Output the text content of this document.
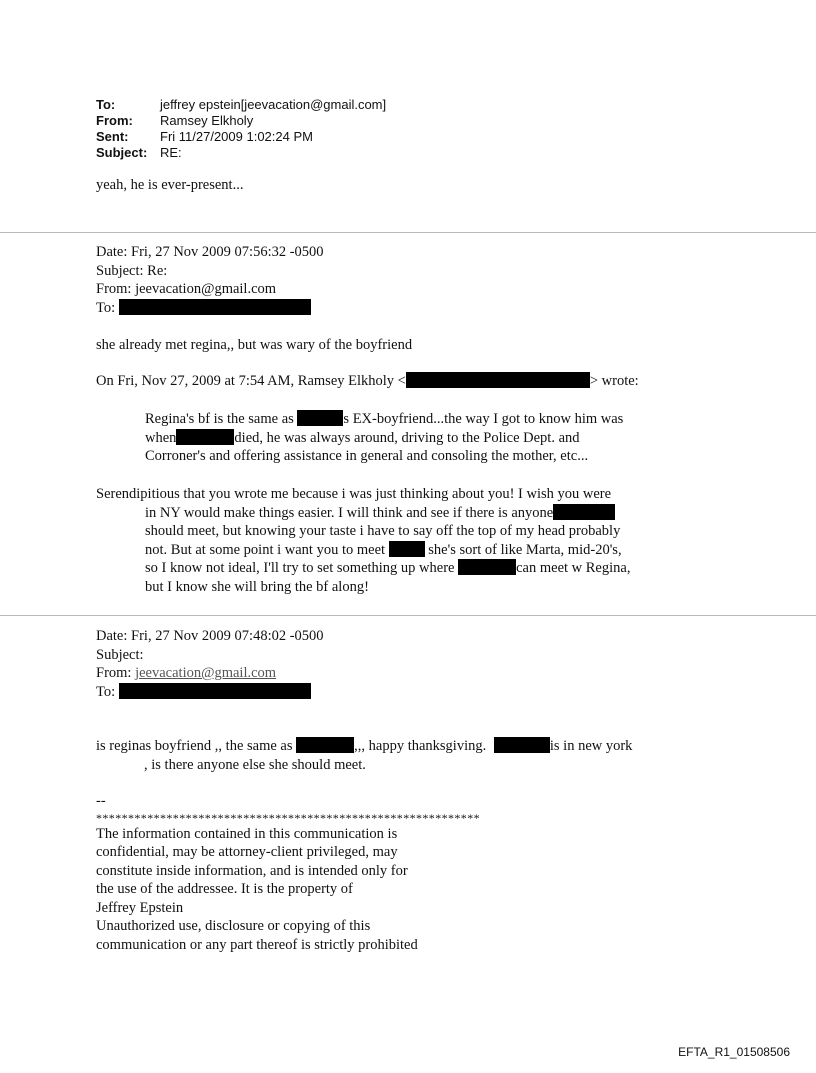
To:	jeffrey epstein[jeevacation@gmail.com]
From: Ramsey Elkholy
Sent: Fri 11/27/2009 1:02:24 PM
Subject: RE:
yeah, he is ever-present...
Date: Fri, 27 Nov 2009 07:56:32 -0500
Subject: Re:
From: jeevacation@gmail.com
To:
she already met regina,, but was wary of the boyfriend
On Fri, Nov 27, 2009 at 7:54 AM, Ramsey Elkholy <	> wrote:
Regina's bf is the same as	s EX-boyfriend...the way I got to know him was
when	died, he was always around, driving to the Police Dept. and
Corroner's and offering assistance in general and consoling the mother, etc...
Serendipitious that you wrote me because i was just thinking about you! I wish you were
in NY would make things easier. I will think and see if there is anyone
should meet, but knowing your taste i have to say off the top of my head probably
not. But at some point i want you to meet	she's sort of like Marta, mid-20's,
so I know not ideal, I'll try to set something up where	can meet w Regina,
but I know she will bring the bf along!
Date: Fri, 27 Nov 2009 07:48:02 -0500
Subject:
From: jeevacation@gmail.com
To:
is reginas boyfriend ,, the same as	,,, happy thanksgiving.	is in new york
, is there anyone else she should meet.
--
************************************************************
The information contained in this communication is
confidential, may be attorney-client privileged, may
constitute inside information, and is intended only for
the use of the addressee. It is the property of
Jeffrey Epstein
Unauthorized use, disclosure or copying of this
communication or any part thereof is strictly prohibited
EFTA_R1_01508506
